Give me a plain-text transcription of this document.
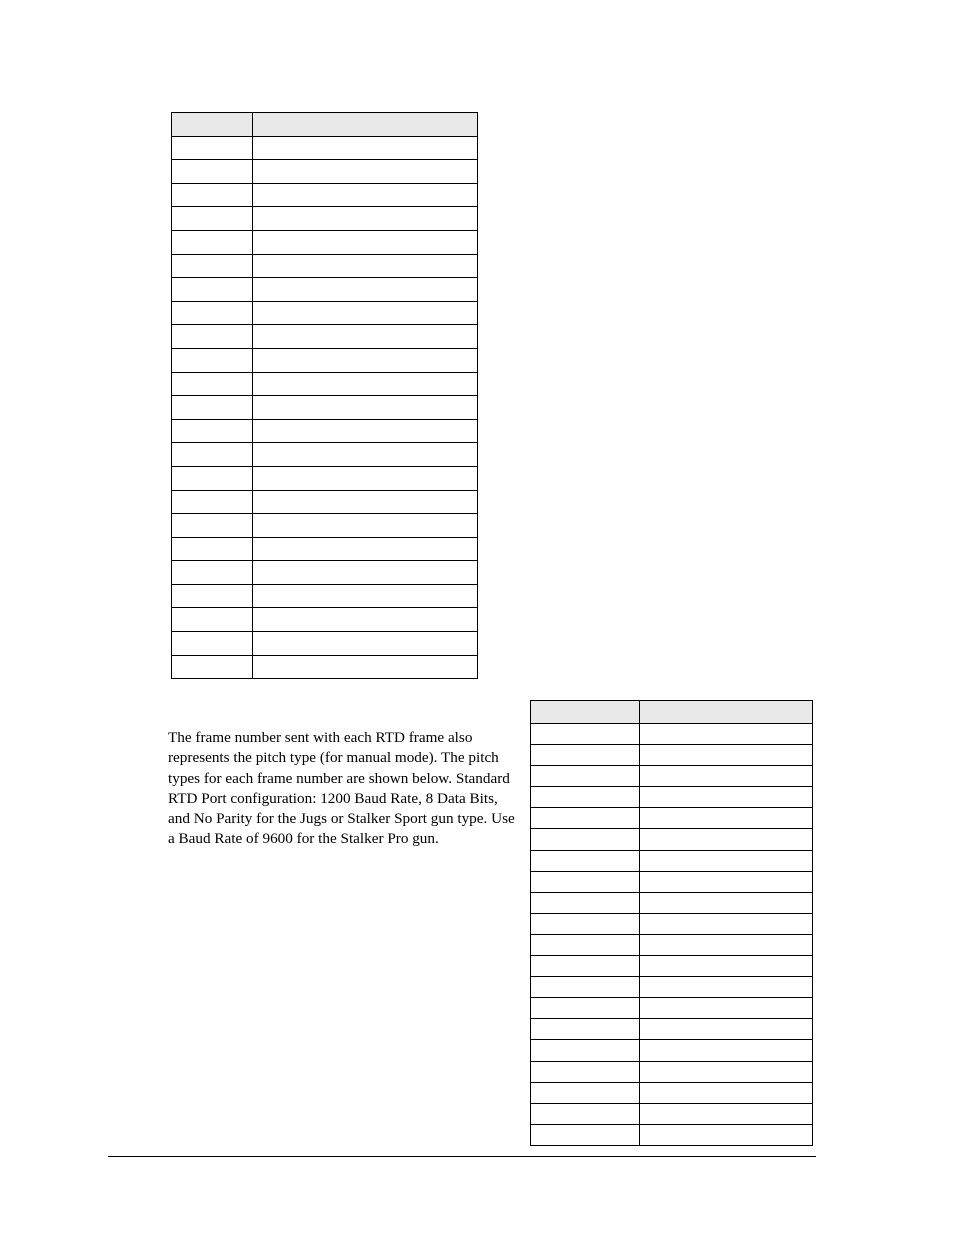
The frame number sent with each RTD frame also represents the pitch type (for manual mode). The pitch types for each frame number are shown below. Standard RTD Port configuration: 1200 Baud Rate, 8 Data Bits, and No Parity for the Jugs or Stalker Sport gun type. Use a Baud Rate of 9600 for the Stalker Pro gun.
